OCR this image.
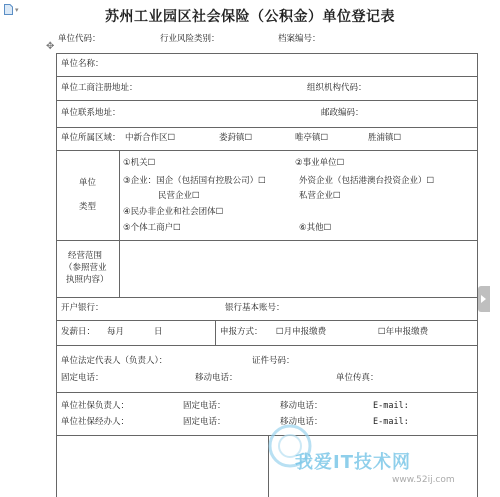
▾
✥
苏州工业园区社会保险（公积金）单位登记表
单位代码：	行业风险类别：	档案编号：
单位名称：
单位工商注册地址：	组织机构代码：
单位联系地址：	邮政编码：
单位所属区域： 中新合作区☐	娄葑镇☐	唯亭镇☐	胜浦镇☐
单位
类型
①机关☐	②事业单位☐
③企业：国企（包括国有控股公司）☐	外资企业（包括港澳台投资企业）☐
民营企业☐	私营企业☐
④民办非企业和社会团体☐
⑤个体工商户☐	⑥其他☐
经营范围
（参照营业
执照内容）
开户银行：	银行基本账号：
发薪日： 每月	日	申报方式： ☐月申报缴费	☐年申报缴费
单位法定代表人（负责人）：	证件号码：
固定电话：	移动电话：	单位传真：
单位社保负责人：	固定电话：	移动电话：	E-mail:
单位社保经办人：	固定电话：	移动电话：	E-mail:
我爱IT技术网
www.52ij.com
